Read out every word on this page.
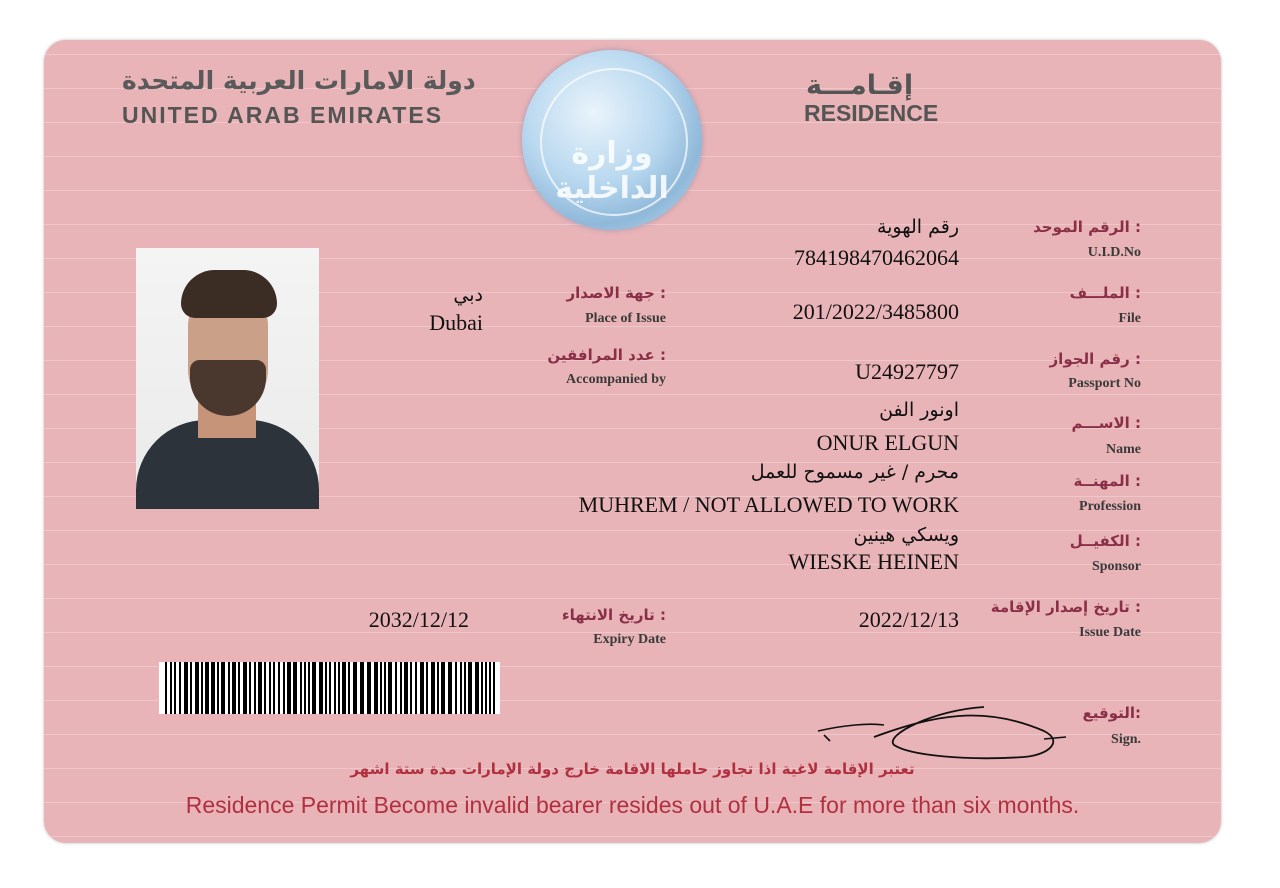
دولة الامارات العربية المتحدة
UNITED ARAB EMIRATES
إقـامـــة
RESIDENCE
وزارة الداخلية
الرقم الموحد :
U.I.D.No
رقم الهوية
784198470462064
الملـــف :
File
201/2022/3485800
رقم الجواز :
Passport No
U24927797
الاســـم :
Name
اونور الفن
ONUR ELGUN
المهنــة :
Profession
محرم / غير مسموح للعمل
MUHREM / NOT ALLOWED TO WORK
الكفيــل :
Sponsor
ويسكي هينين
WIESKE HEINEN
تاريخ إصدار الإقامة :
Issue Date
2022/12/13
جهة الاصدار :
Place of Issue
دبي
Dubai
عدد المرافقين :
Accompanied by
تاريخ الانتهاء :
Expiry Date
2032/12/12
التوقيع:
Sign.
تعتبر الإقامة لاغية اذا تجاوز حاملها الاقامة خارج دولة الإمارات مدة ستة اشهر
Residence Permit Become invalid bearer resides out of U.A.E for more than six months.
